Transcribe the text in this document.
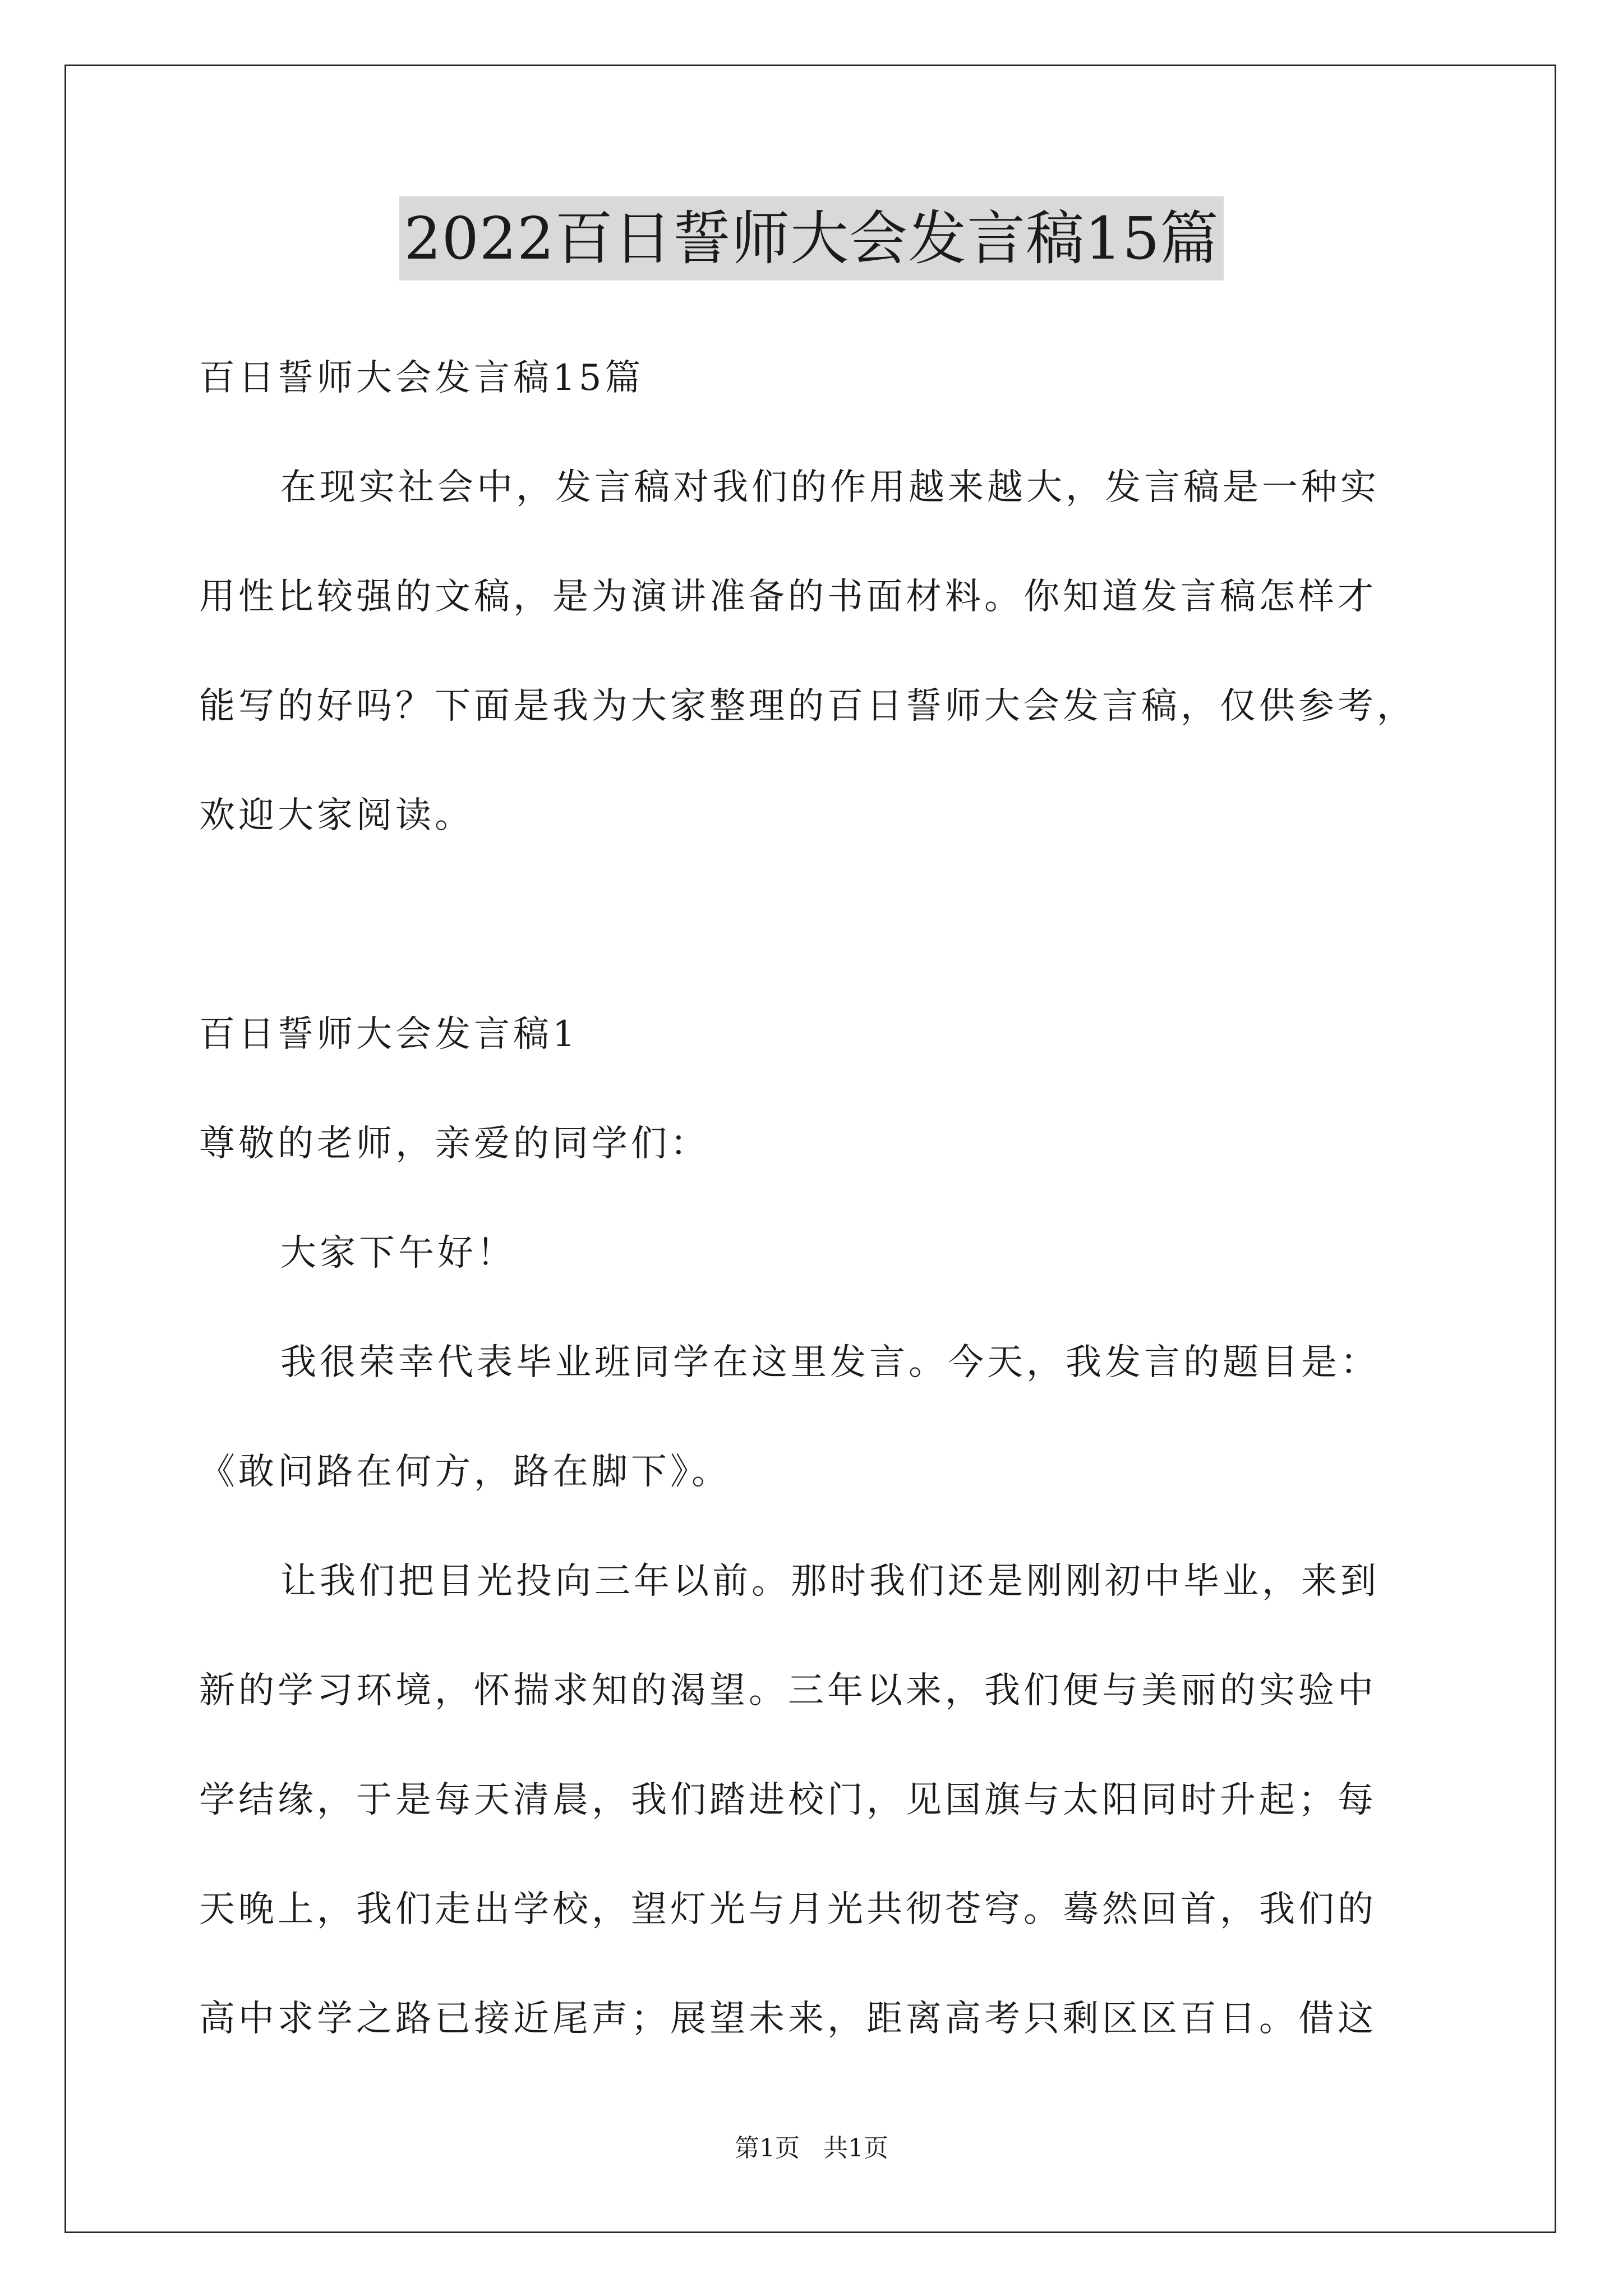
2022百日誓师大会发言稿15篇

百日誓师大会发言稿15篇

在现实社会中，发言稿对我们的作用越来越大，发言稿是一种实

用性比较强的文稿，是为演讲准备的书面材料。你知道发言稿怎样才

能写的好吗？下面是我为大家整理的百日誓师大会发言稿，仅供参考，

欢迎大家阅读。

百日誓师大会发言稿1

尊敬的老师，亲爱的同学们：

大家下午好！

我很荣幸代表毕业班同学在这里发言。今天，我发言的题目是：

《敢问路在何方，路在脚下》。

让我们把目光投向三年以前。那时我们还是刚刚初中毕业，来到

新的学习环境，怀揣求知的渴望。三年以来，我们便与美丽的实验中

学结缘，于是每天清晨，我们踏进校门，见国旗与太阳同时升起；每

天晚上，我们走出学校，望灯光与月光共彻苍穹。蓦然回首，我们的

高中求学之路已接近尾声；展望未来，距离高考只剩区区百日。借这

第1页   共1页
